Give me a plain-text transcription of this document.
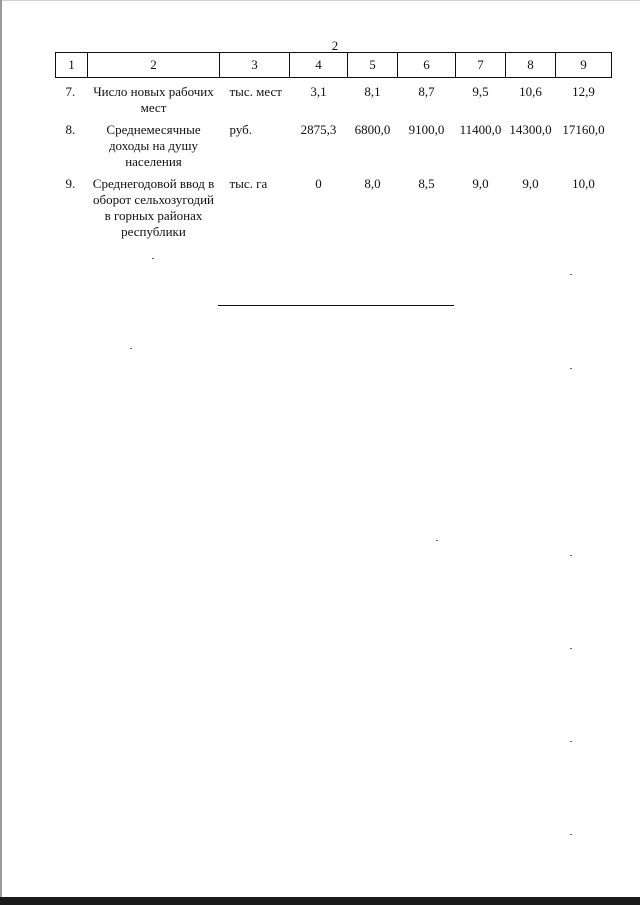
2
1	2	3	4	5	6	7	8	9
7.	Число новых рабочих мест	тыс. мест	3,1	8,1	8,7	9,5	10,6	12,9
8.	Среднемесячные доходы на душу населения	руб.	2875,3	6800,0	9100,0	11400,0	14300,0	17160,0
9.	Среднегодовой ввод в оборот сельхозугодий в горных районах республики	тыс. га	0	8,0	8,5	9,0	9,0	10,0
